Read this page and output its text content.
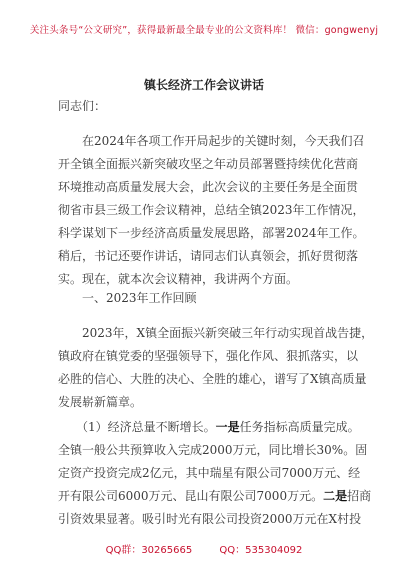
关注头条号“公文研究”，获得最新最全最专业的公文资料库！ 微信：gongwenyj
镇长经济工作会议讲话

同志们：

　　在2024年各项工作开局起步的关键时刻，今天我们召
开全镇全面振兴新突破攻坚之年动员部署暨持续优化营商
环境推动高质量发展大会，此次会议的主要任务是全面贯
彻省市县三级工作会议精神，总结全镇2023年工作情况，
科学谋划下一步经济高质量发展思路，部署2024年工作。
稍后，书记还要作讲话，请同志们认真领会，抓好贯彻落
实。现在，就本次会议精神，我讲两个方面。

　　一、2023年工作回顾

　　2023年，X镇全面振兴新突破三年行动实现首战告捷，
镇政府在镇党委的坚强领导下，强化作风、狠抓落实，以
必胜的信心、大胜的决心、全胜的雄心，谱写了X镇高质量
发展崭新篇章。

　　（1）经济总量不断增长。一是任务指标高质量完成。
全镇一般公共预算收入完成2000万元，同比增长30%。固
定资产投资完成2亿元，其中瑞星有限公司7000万元、经
开有限公司6000万元、昆山有限公司7000万元。二是招商
引资效果显著。吸引时光有限公司投资2000万元在X村投

QQ群：30265665	QQ：535304092
